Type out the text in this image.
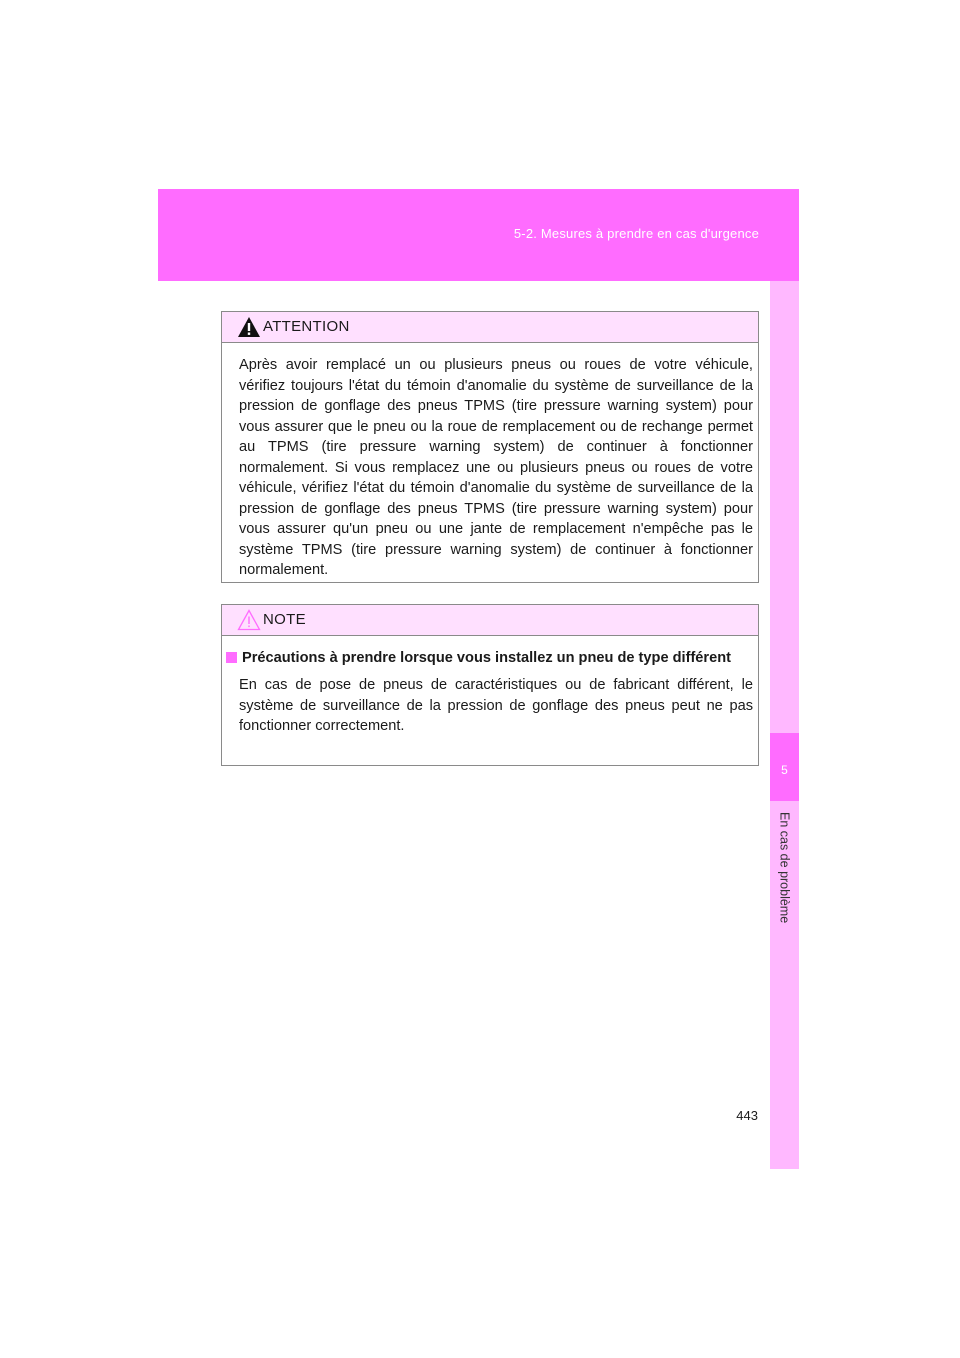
5-2. Mesures à prendre en cas d'urgence
5
En cas de problème
ATTENTION
Après avoir remplacé un ou plusieurs pneus ou roues de votre véhicule, vérifiez toujours l'état du témoin d'anomalie du système de surveillance de la pression de gonflage des pneus TPMS (tire pressure warning system) pour vous assurer que le pneu ou la roue de remplacement ou de rechange permet au TPMS (tire pressure warning system) de continuer à fonctionner normalement. Si vous remplacez une ou plusieurs pneus ou roues de votre véhicule, vérifiez l'état du témoin d'anomalie du système de surveillance de la pression de gonflage des pneus TPMS (tire pressure warning system) pour vous assurer qu'un pneu ou une jante de remplacement n'empêche pas le système TPMS (tire pressure warning system) de continuer à fonctionner normalement.
NOTE
Précautions à prendre lorsque vous installez un pneu de type différent
En cas de pose de pneus de caractéristiques ou de fabricant différent, le système de surveillance de la pression de gonflage des pneus peut ne pas fonctionner correctement.
443
